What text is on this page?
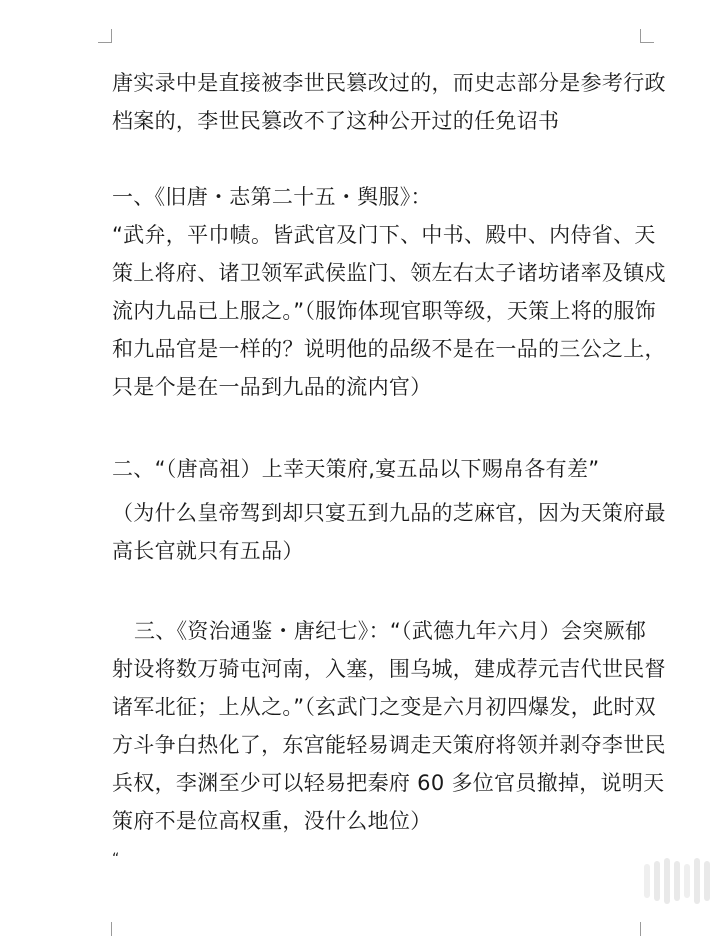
唐实录中是直接被李世民篡改过的，而史志部分是参考行政
档案的，李世民篡改不了这种公开过的任免诏书
一、《旧唐・志第二十五・舆服》：
“武弁，平巾帻。皆武官及门下、中书、殿中、内侍省、天
策上将府、诸卫领军武侯监门、领左右太子诸坊诸率及镇戍
流内九品已上服之。”（服饰体现官职等级，天策上将的服饰
和九品官是一样的？说明他的品级不是在一品的三公之上，
只是个是在一品到九品的流内官）
二、“（唐高祖）上幸天策府,宴五品以下赐帛各有差”
（为什么皇帝驾到却只宴五到九品的芝麻官，因为天策府最
高长官就只有五品）
三、《资治通鉴・唐纪七》：“（武德九年六月）会突厥郁
射设将数万骑屯河南，入塞，围乌城，建成荐元吉代世民督
诸军北征；上从之。”（玄武门之变是六月初四爆发，此时双
方斗争白热化了，东宫能轻易调走天策府将领并剥夺李世民
兵权，李渊至少可以轻易把秦府 60 多位官员撤掉，说明天
策府不是位高权重，没什么地位）
“
